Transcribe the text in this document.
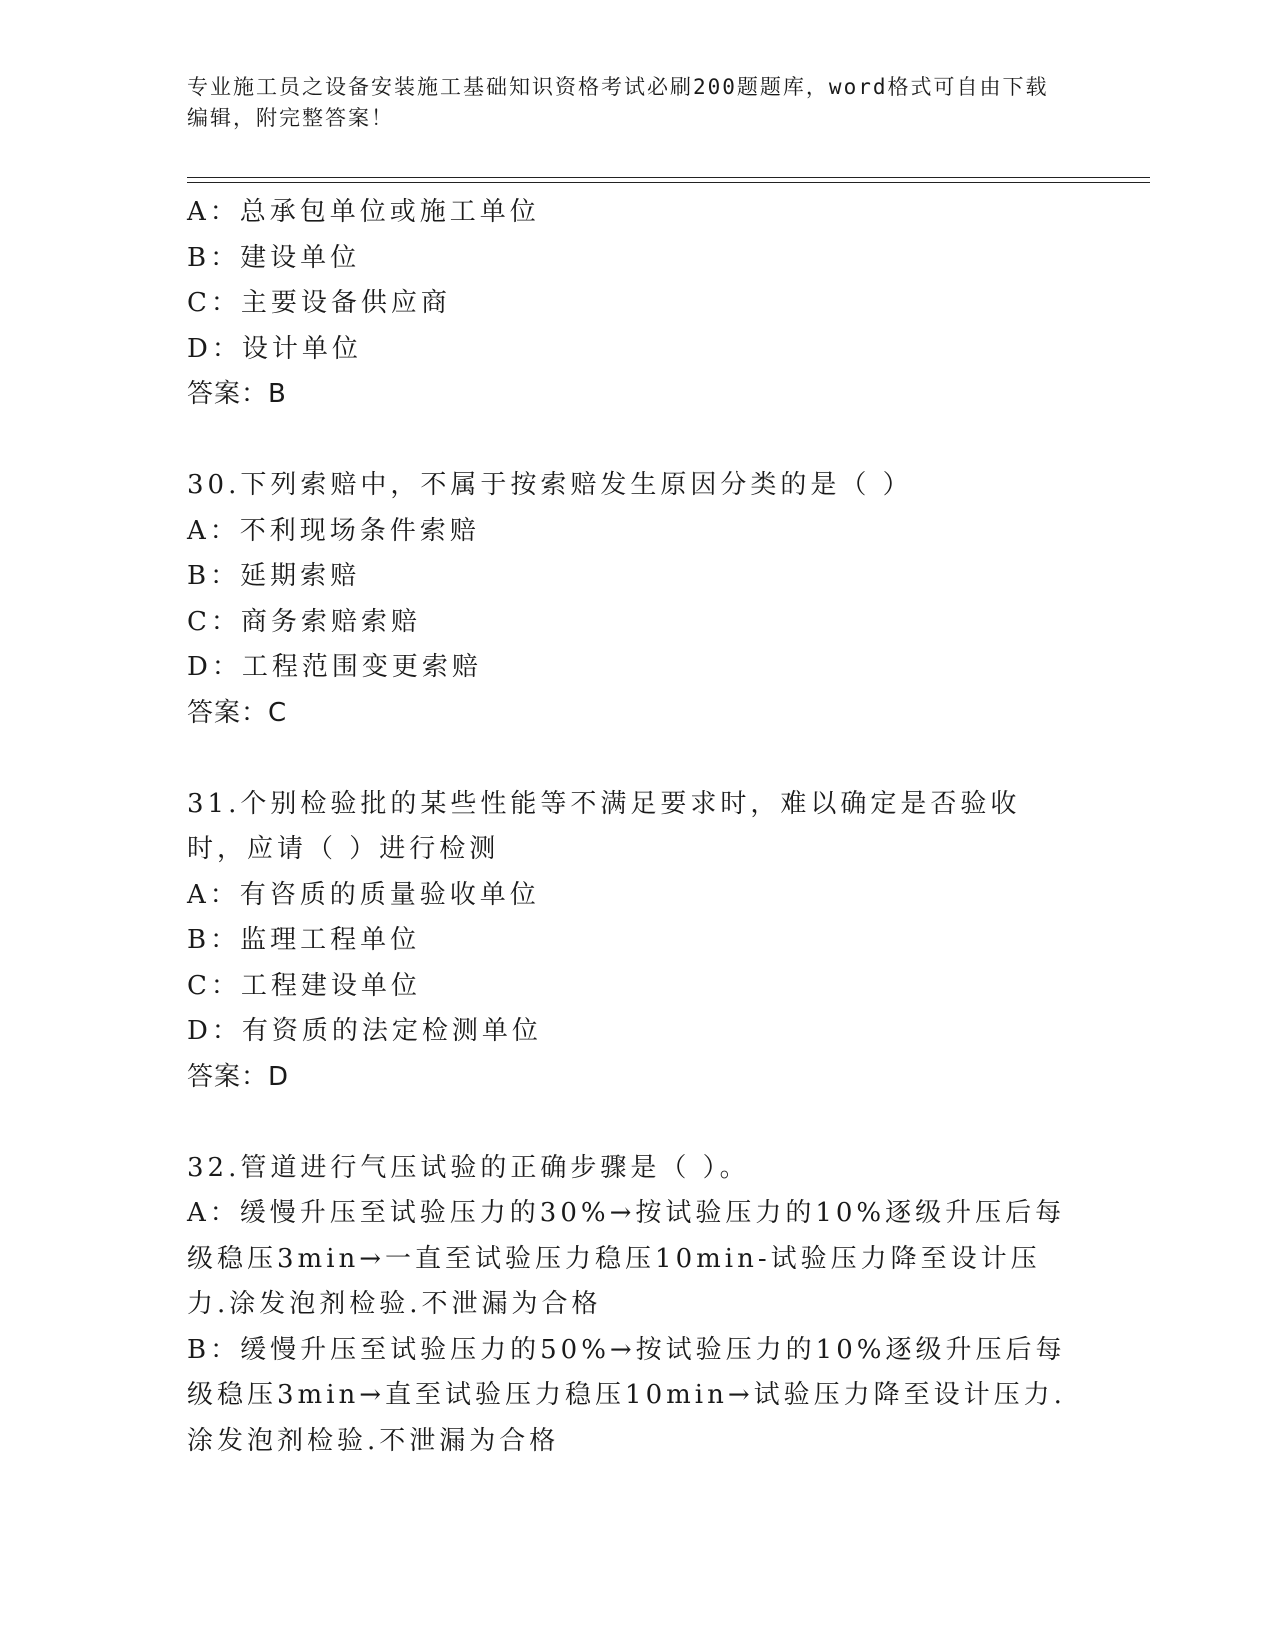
专业施工员之设备安装施工基础知识资格考试必刷200题题库，word格式可自由下载编辑，附完整答案！
A：总承包单位或施工单位
B：建设单位
C：主要设备供应商
D：设计单位
答案：B
30.下列索赔中，不属于按索赔发生原因分类的是（ ）
A：不利现场条件索赔
B：延期索赔
C：商务索赔索赔
D：工程范围变更索赔
答案：C
31.个别检验批的某些性能等不满足要求时，难以确定是否验收时，应请（ ）进行检测
A：有咨质的质量验收单位
B：监理工程单位
C：工程建设单位
D：有资质的法定检测单位
答案：D
32.管道进行气压试验的正确步骤是（ ）。
A：缓慢升压至试验压力的30%→按试验压力的10%逐级升压后每级稳压3min→一直至试验压力稳压10min-试验压力降至设计压力.涂发泡剂检验.不泄漏为合格
B：缓慢升压至试验压力的50%→按试验压力的10%逐级升压后每级稳压3min→直至试验压力稳压10min→试验压力降至设计压力.涂发泡剂检验.不泄漏为合格
